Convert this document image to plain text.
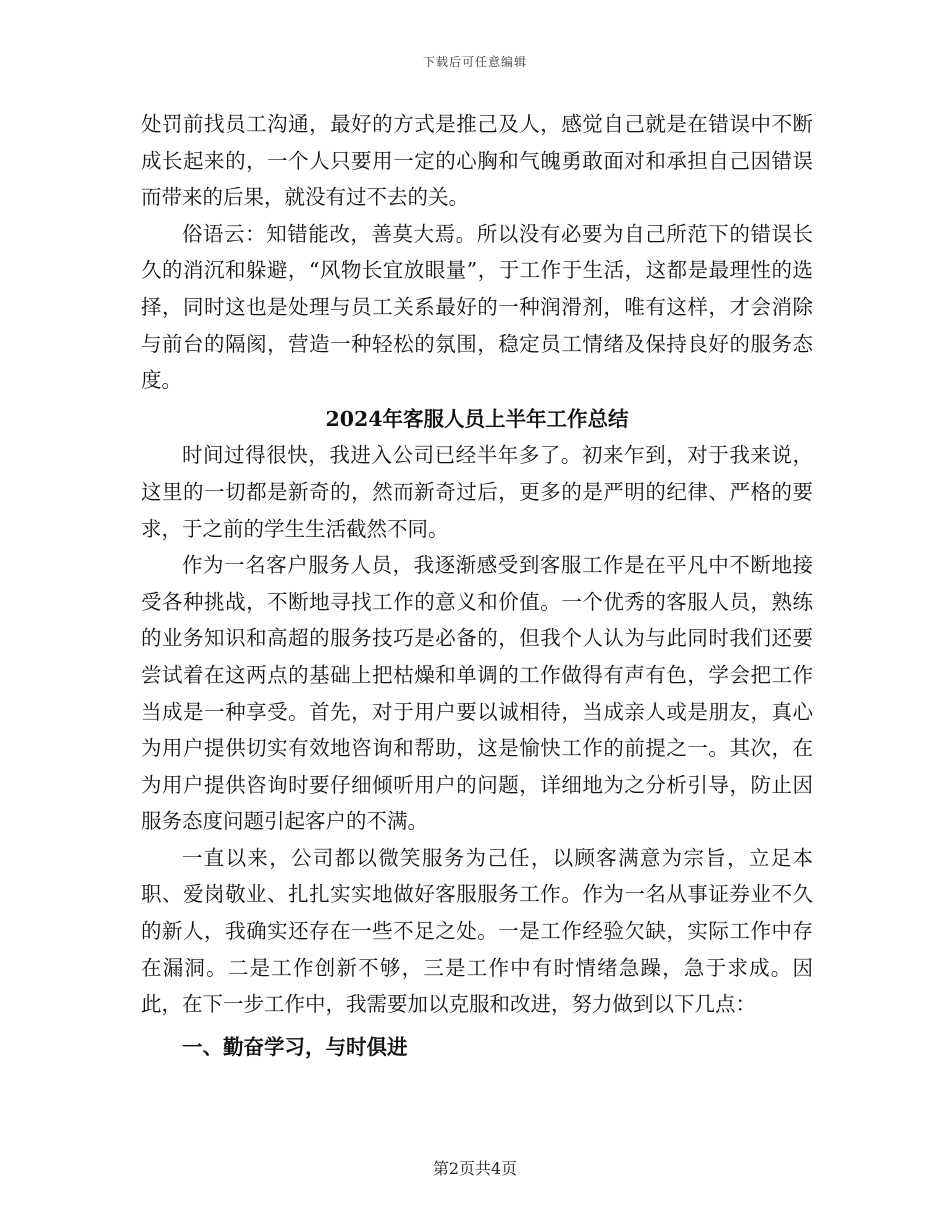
下载后可任意编辑

处罚前找员工沟通，最好的方式是推己及人，感觉自己就是在错误中不断成长起来的，一个人只要用一定的心胸和气魄勇敢面对和承担自己因错误而带来的后果，就没有过不去的关。

俗语云：知错能改，善莫大焉。所以没有必要为自己所范下的错误长久的消沉和躲避，“风物长宜放眼量”，于工作于生活，这都是最理性的选择，同时这也是处理与员工关系最好的一种润滑剂，唯有这样，才会消除与前台的隔阂，营造一种轻松的氛围，稳定员工情绪及保持良好的服务态度。

2024年客服人员上半年工作总结

时间过得很快，我进入公司已经半年多了。初来乍到，对于我来说，这里的一切都是新奇的，然而新奇过后，更多的是严明的纪律、严格的要求，于之前的学生生活截然不同。

作为一名客户服务人员，我逐渐感受到客服工作是在平凡中不断地接受各种挑战，不断地寻找工作的意义和价值。一个优秀的客服人员，熟练的业务知识和高超的服务技巧是必备的，但我个人认为与此同时我们还要尝试着在这两点的基础上把枯燥和单调的工作做得有声有色，学会把工作当成是一种享受。首先，对于用户要以诚相待，当成亲人或是朋友，真心为用户提供切实有效地咨询和帮助，这是愉快工作的前提之一。其次，在为用户提供咨询时要仔细倾听用户的问题，详细地为之分析引导，防止因服务态度问题引起客户的不满。

一直以来，公司都以微笑服务为己任，以顾客满意为宗旨，立足本职、爱岗敬业、扎扎实实地做好客服服务工作。作为一名从事证券业不久的新人，我确实还存在一些不足之处。一是工作经验欠缺，实际工作中存在漏洞。二是工作创新不够，三是工作中有时情绪急躁，急于求成。因此，在下一步工作中，我需要加以克服和改进，努力做到以下几点：

一、勤奋学习，与时俱进
第2页共4页
